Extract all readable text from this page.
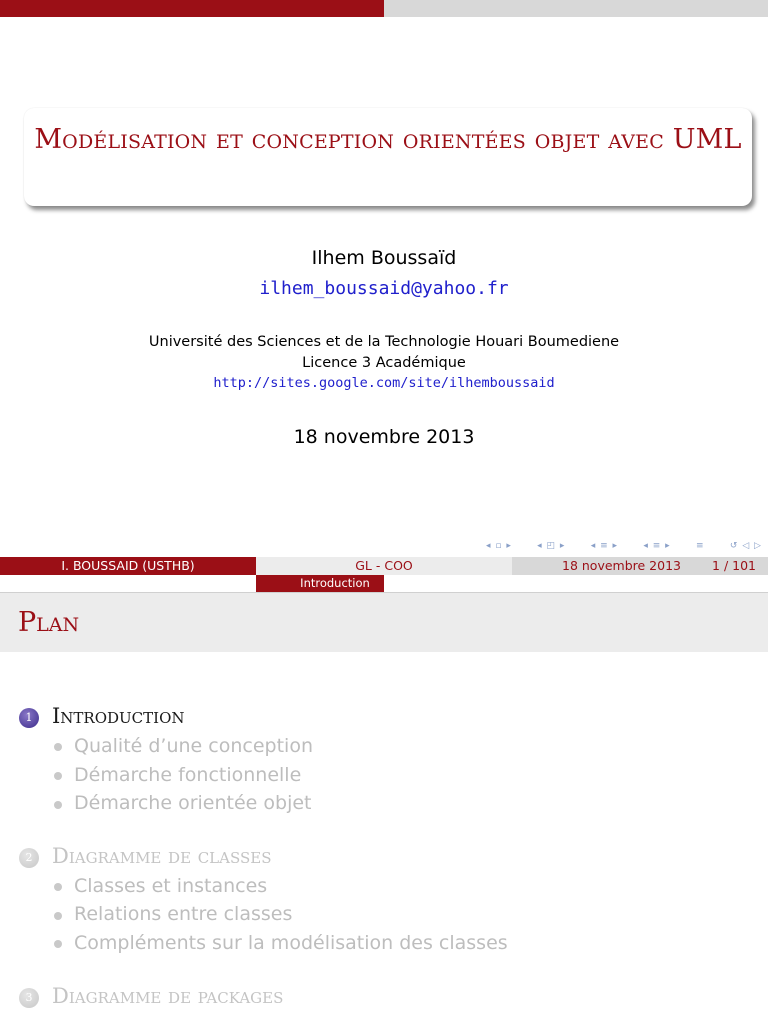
Modélisation et conception orientées objet avec UML
Ilhem Boussaïd
ilhem_boussaid@yahoo.fr
Université des Sciences et de la Technologie Houari Boumediene
Licence 3 Académique
http://sites.google.com/site/ilhemboussaid
18 novembre 2013
◂ ▫ ▸	◂ ◰ ▸	◂ ≡ ▸	◂ ≡ ▸	≡	↺ ◁ ▷
I. BOUSSAID (USTHB)	GL - COO	18 novembre 2013 1 / 101
Introduction
Plan
1 Introduction
Qualité d’une conception
Démarche fonctionnelle
Démarche orientée objet
2 Diagramme de classes
Classes et instances
Relations entre classes
Compléments sur la modélisation des classes
3 Diagramme de packages
